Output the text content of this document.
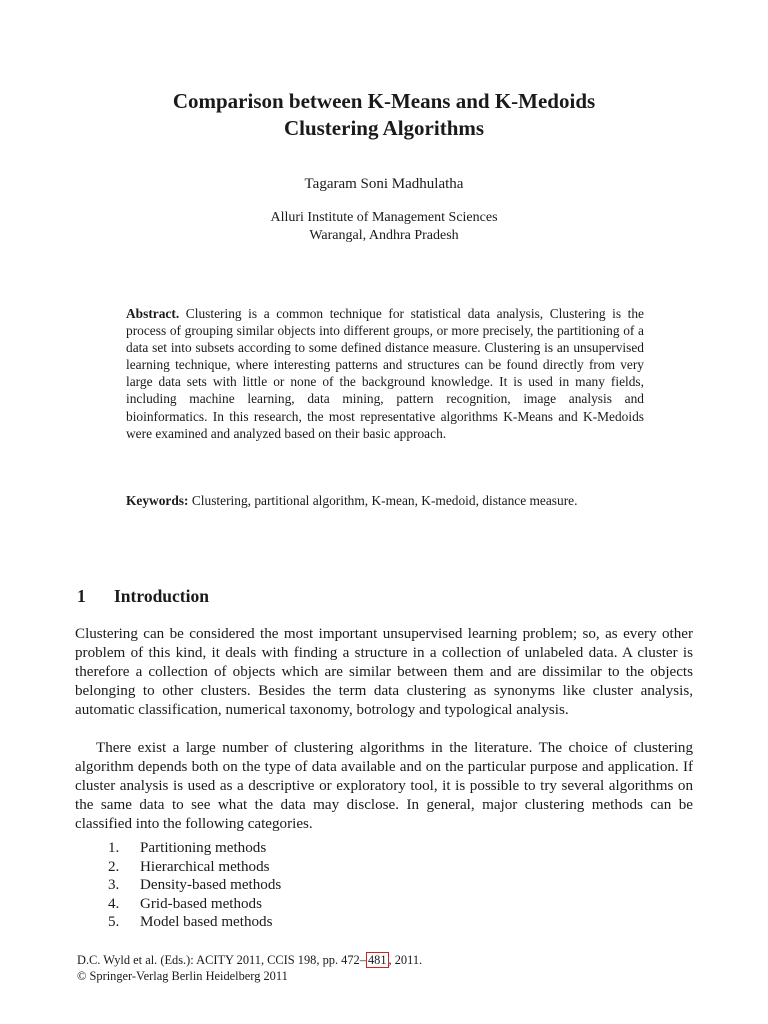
Comparison between K-Means and K-Medoids
Clustering Algorithms

Tagaram Soni Madhulatha

Alluri Institute of Management Sciences
Warangal, Andhra Pradesh

Abstract. Clustering is a common technique for statistical data analysis, Clustering is the process of grouping similar objects into different groups, or more precisely, the partitioning of a data set into subsets according to some defined distance measure. Clustering is an unsupervised learning technique, where interesting patterns and structures can be found directly from very large data sets with little or none of the background knowledge. It is used in many fields, including machine learning, data mining, pattern recognition, image analysis and bioinformatics. In this research, the most representative algorithms K-Means and K-Medoids were examined and analyzed based on their basic approach.

Keywords: Clustering, partitional algorithm, K-mean, K-medoid, distance measure.

1 Introduction

Clustering can be considered the most important unsupervised learning problem; so, as every other problem of this kind, it deals with finding a structure in a collection of unlabeled data. A cluster is therefore a collection of objects which are similar between them and are dissimilar to the objects belonging to other clusters. Besides the term data clustering as synonyms like cluster analysis, automatic classification, numerical taxonomy, botrology and typological analysis.

There exist a large number of clustering algorithms in the literature. The choice of clustering algorithm depends both on the type of data available and on the particular purpose and application. If cluster analysis is used as a descriptive or exploratory tool, it is possible to try several algorithms on the same data to see what the data may disclose. In general, major clustering methods can be classified into the following categories.

1. Partitioning methods
2. Hierarchical methods
3. Density-based methods
4. Grid-based methods
5. Model based methods

D.C. Wyld et al. (Eds.): ACITY 2011, CCIS 198, pp. 472– 481 , 2011.
© Springer-Verlag Berlin Heidelberg 2011
